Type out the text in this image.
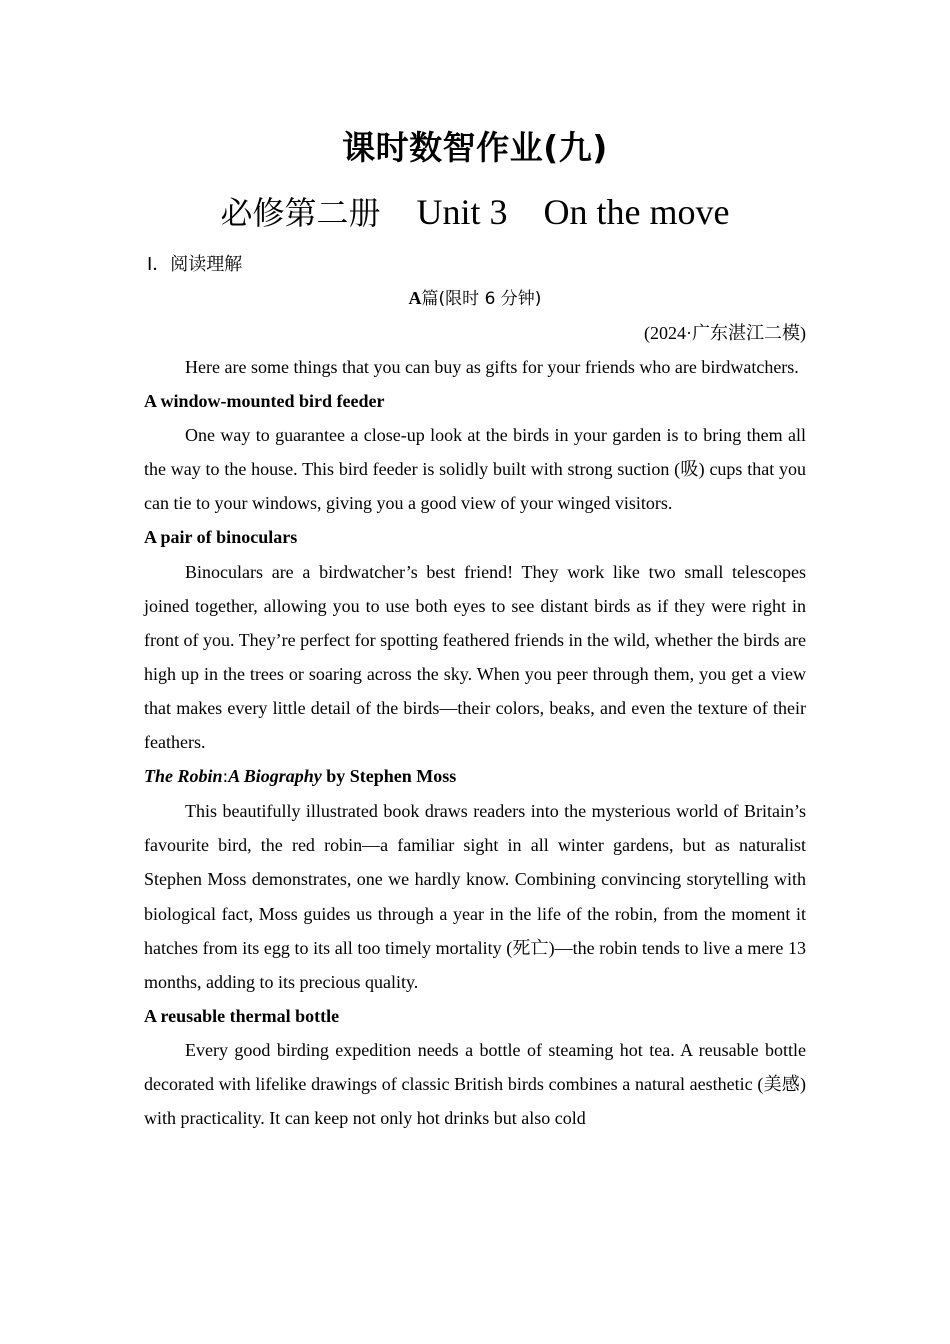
课时数智作业(九)
必修第二册 Unit 3 On the move
Ⅰ．阅读理解
A篇(限时 6 分钟)
(2024·广东湛江二模)

Here are some things that you can buy as gifts for your friends who are birdwatchers.

A window-mounted bird feeder

One way to guarantee a close-up look at the birds in your garden is to bring them all the way to the house. This bird feeder is solidly built with strong suction (吸) cups that you can tie to your windows, giving you a good view of your winged visitors.

A pair of binoculars

Binoculars are a birdwatcher’s best friend! They work like two small telescopes joined together, allowing you to use both eyes to see distant birds as if they were right in front of you. They’re perfect for spotting feathered friends in the wild, whether the birds are high up in the trees or soaring across the sky. When you peer through them, you get a view that makes every little detail of the birds—their colors, beaks, and even the texture of their feathers.

The Robin:A Biography by Stephen Moss

This beautifully illustrated book draws readers into the mysterious world of Britain’s favourite bird, the red robin—a familiar sight in all winter gardens, but as naturalist Stephen Moss demonstrates, one we hardly know. Combining convincing storytelling with biological fact, Moss guides us through a year in the life of the robin, from the moment it hatches from its egg to its all too timely mortality (死亡)—the robin tends to live a mere 13 months, adding to its precious quality.

A reusable thermal bottle

Every good birding expedition needs a bottle of steaming hot tea. A reusable bottle decorated with lifelike drawings of classic British birds combines a natural aesthetic (美感) with practicality. It can keep not only hot drinks but also cold
